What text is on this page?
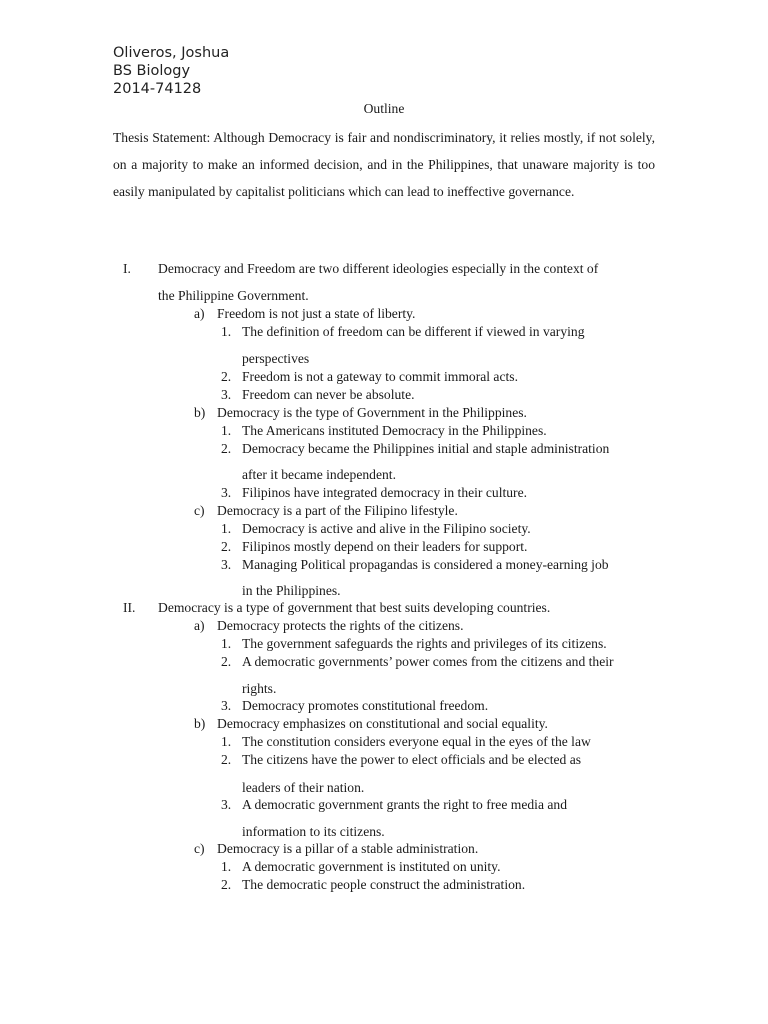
Oliveros, Joshua
BS Biology
2014-74128
Outline
Thesis Statement: Although Democracy is fair and nondiscriminatory, it relies mostly, if not solely, on a majority to make an informed decision, and in the Philippines, that unaware majority is too easily manipulated by capitalist politicians which can lead to ineffective governance.
I. Democracy and Freedom are two different ideologies especially in the context of
the Philippine Government.
a) Freedom is not just a state of liberty.
1. The definition of freedom can be different if viewed in varying
perspectives
2. Freedom is not a gateway to commit immoral acts.
3. Freedom can never be absolute.
b) Democracy is the type of Government in the Philippines.
1. The Americans instituted Democracy in the Philippines.
2. Democracy became the Philippines initial and staple administration
after it became independent.
3. Filipinos have integrated democracy in their culture.
c) Democracy is a part of the Filipino lifestyle.
1. Democracy is active and alive in the Filipino society.
2. Filipinos mostly depend on their leaders for support.
3. Managing Political propagandas is considered a money-earning job
in the Philippines.
II. Democracy is a type of government that best suits developing countries.
a) Democracy protects the rights of the citizens.
1. The government safeguards the rights and privileges of its citizens.
2. A democratic governments’ power comes from the citizens and their
rights.
3. Democracy promotes constitutional freedom.
b) Democracy emphasizes on constitutional and social equality.
1. The constitution considers everyone equal in the eyes of the law
2. The citizens have the power to elect officials and be elected as
leaders of their nation.
3. A democratic government grants the right to free media and
information to its citizens.
c) Democracy is a pillar of a stable administration.
1. A democratic government is instituted on unity.
2. The democratic people construct the administration.
